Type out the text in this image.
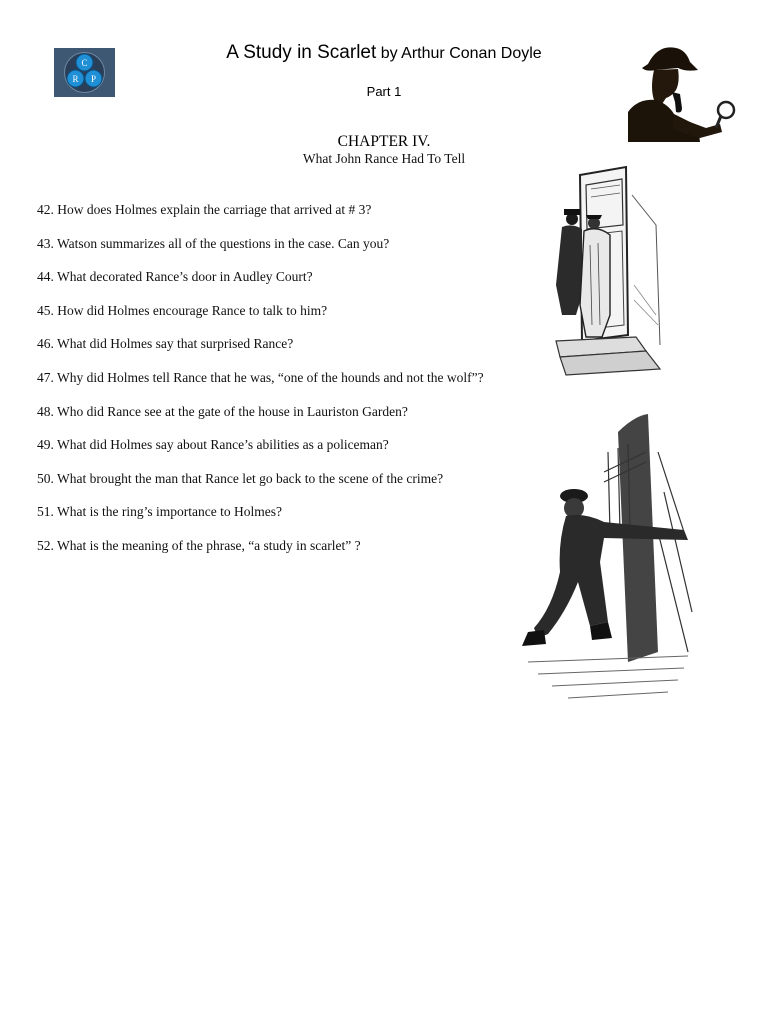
C
R P
A Study in Scarlet by Arthur Conan Doyle
Part 1
CHAPTER IV.
What John Rance Had To Tell
42. How does Holmes explain the carriage that arrived at # 3?
43. Watson summarizes all of the questions in the case. Can you?
44. What decorated Rance’s door in Audley Court?
45. How did Holmes encourage Rance to talk to him?
46. What did Holmes say that surprised Rance?
47. Why did Holmes tell Rance that he was, “one of the hounds and not the wolf”?
48. Who did Rance see at the gate of the house in Lauriston Garden?
49. What did Holmes say about Rance’s abilities as a policeman?
50. What brought the man that Rance let go back to the scene of the crime?
51. What is the ring’s importance to Holmes?
52. What is the meaning of the phrase, “a study in scarlet” ?
